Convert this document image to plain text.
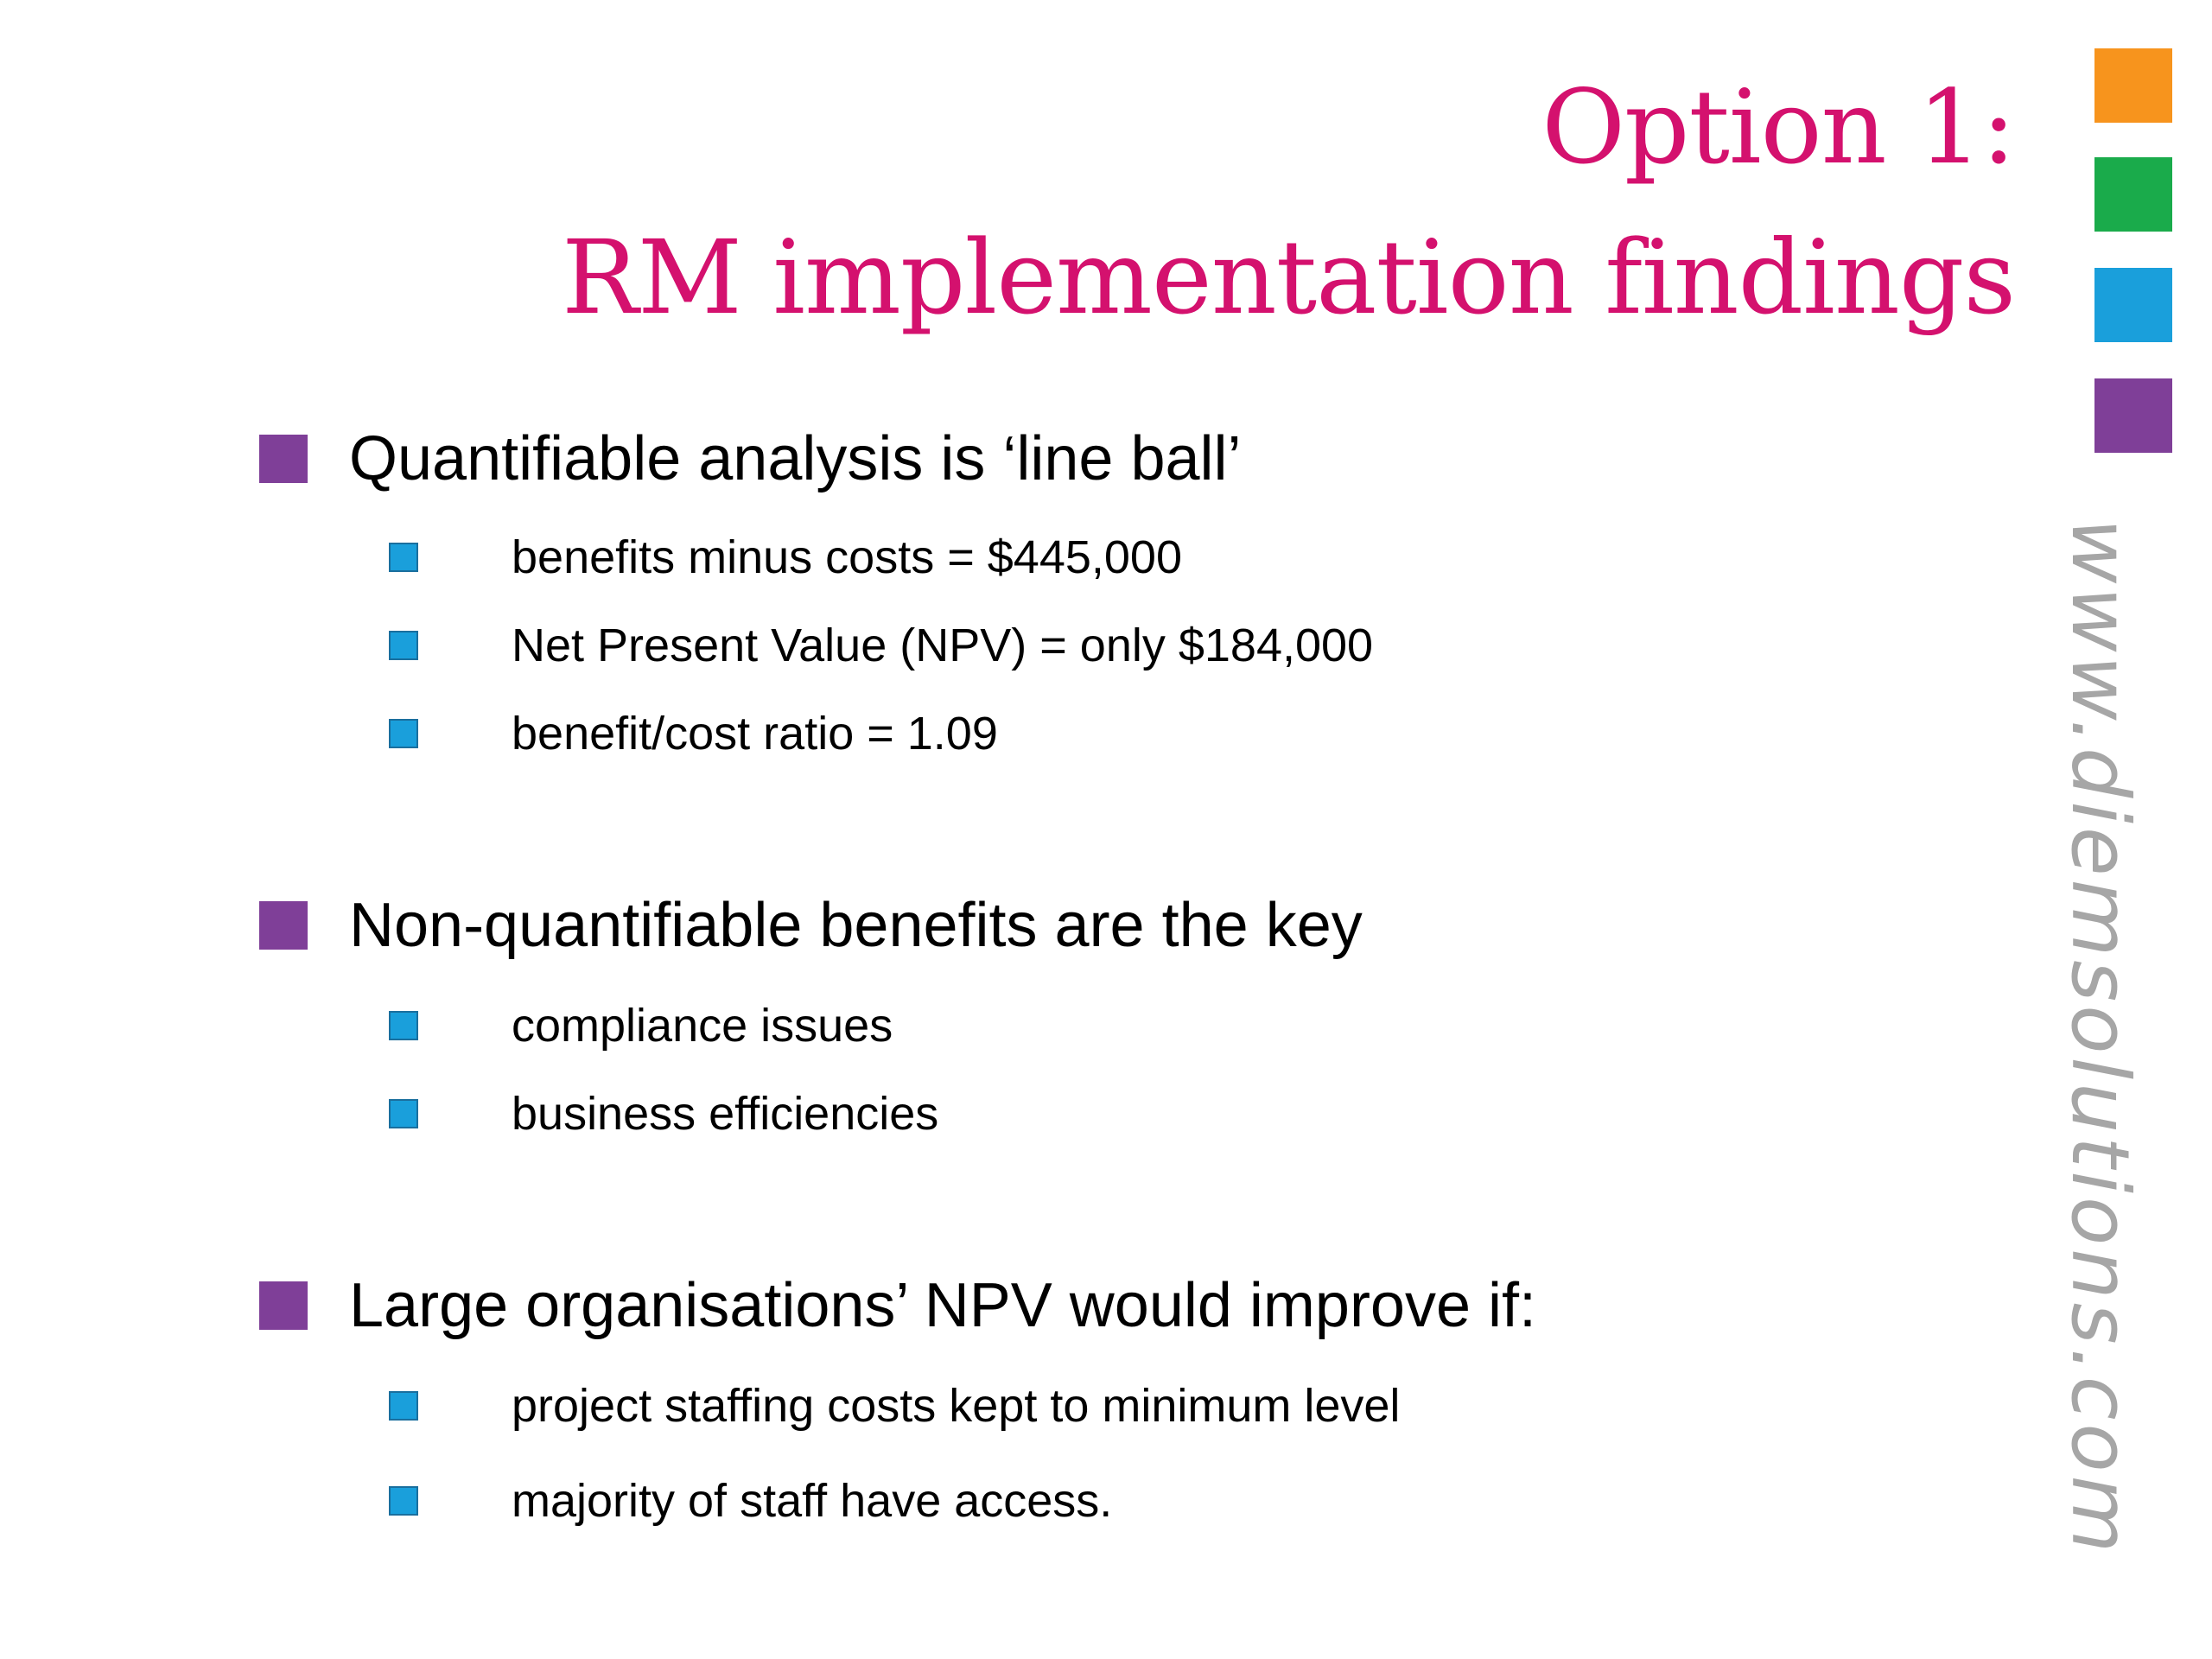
Option 1:
RM implementation findings
www.diemsolutions.com
Quantifiable analysis is ‘line ball’
benefits minus costs = $445,000
Net Present Value (NPV) = only $184,000
benefit/cost ratio = 1.09
Non-quantifiable benefits are the key
compliance issues
business efficiencies
Large organisations’ NPV would improve if:
project staffing costs kept to minimum level
majority of staff have access.
